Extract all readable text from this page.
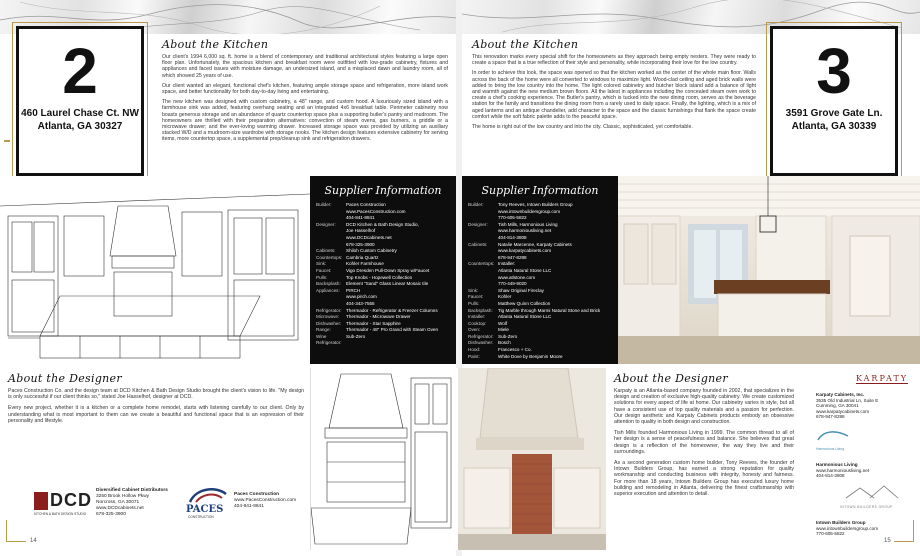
2
460 Laurel Chase Ct. NW
Atlanta, GA 30327
About the Kitchen

Our client's 1994 6,000 sq. ft. home is a blend of contemporary and traditional architectural styles featuring a large open floor plan. Unfortunately, the spacious kitchen and breakfast room were outfitted with low-grade cabinetry, fixtures and appliances and faced issues with moisture damage, an undersized island, and a misplaced dawn and laundry room, all of which showed 25 years of use.

Our client wanted an elegant, functional chef's kitchen, featuring ample storage space and refrigeration, more island work space, and better functionality for both day-to-day living and entertaining.

The new kitchen was designed with custom cabinetry, a 48" range, and custom hood. A luxuriously sized island with a farmhouse sink was added, featuring overhang seating and an integrated 4x6 breakfast table. Perimeter cabinetry now boasts generous storage and an abundance of quartz countertop space plus a supporting butler's pantry and mudroom. The homeowners are thrilled with their preparation alternatives: convection of steam ovens, gas burners, a griddle or a microwave drawer; and the ever-loving warming drawer. Increased storage space was provided by utilizing an auxiliary stacked W/D and a mudroom-size wardrobe with storage nooks. The kitchen design features extensive cabinetry for serving items, more countertop space, a supplemental prep/cleanup sink and refrigeration drawers.

Supplier Information
Builder:	Paces Construction
www.PacesConstruction.com
404-841-8841
Designer:	DCD Kitchen & Bath Design Studio,
Joe Hasselhof
www.DCDcabinets.net
678-325-3900
Cabinets:	Shiloh Custom Cabinetry
Countertops: Cambria Quartz
Sink:	Kohler Farmhouse
Faucet:	Vigo Dresden Pull-Down Spray w/Faucet
Pulls:	Top Knobs - Hopewell Collection
Backsplash:	Element "Sand" Glass Linear Mosaic tile
Appliances:	PIRCH
www.pirch.com
404-343-7555
Refrigerator: Thermador - Refrigerator & Freezer Columns
Microwave:	Thermador - Microwave Drawer
Dishwasher:	Thermador - Star Sapphire
Range:	Thermador - 48" Pro Grand with Steam Oven
Wine Refrigerator:
Sub-Zero
About the Designer

Paces Construction Co. and the design team at DCD Kitchen & Bath Design Studio brought the client's vision to life. "My design is only successful if our client thinks so," stated Joe Hasselhof, designer at DCD.

Every new project, whether it is a kitchen or a complete home remodel, starts with listening carefully to our client. Only by understanding what is most important to them can we create a beautiful and functional space that is an expression of their personality and lifestyle.

DCD
KITCHEN & BATH DESIGN STUDIO
Diversified Cabinet Distributors
3250 Brook Hollow Pkwy
Norcross, GA 30071
www.DCDcabinets.net
678-325-3900	PACES
CONSTRUCTION
Paces Construction
www.PacesConstruction.com
404-841-8841
14
Supplier Information
Builder:	Tony Reeves, Intown Builders Group
www.intownbuildersgroup.com
770-605-5822
Designer:	Tish Mills, Harmonious Living
www.harmoniousliving.net
404-814-3808
Cabinets:	Natalie Marcenne, Karpaty Cabinets
www.karpatycabinets.com
678-947-8288
Countertops: Installer:
Atlanta Natural Stone LLC
www.atlstone.com
770-449-9020
Sink:	Shaw Original Fireclay
Faucet:	Kohler
Pulls:	Matthew Quinn Collection
Backsplash:	Tig Marble through Marmi Natural Stone and Brick
Installer:	Atlanta Natural Stone LLC
Cooktop:	Wolf
Oven:	Miele
Refrigerator: Sub-Zero
Dishwasher:	Bosch
Hood:	Francesco + Co.
Paint:	White Dove by Benjamin Moore
About the Kitchen

This renovation marks every special shift for the homeowners as they approach being empty nesters. They were ready to create a space that is a true reflection of their style and personality, while incorporating their love for the low country.

In order to achieve this look, the space was opened so that the kitchen worked as the center of the whole main floor. Walls across the back of the home were all converted to windows to maximize light. Wood-clad ceiling and aged brick walls were added to bring the low country into the home. The light colored cabinetry and butcher block island add a balance of light and warmth against the new medium brown floors. All the latest in appliances including the concealed steam oven work to create a chef's cooking experience. The Butler's pantry, which is tucked into the new dining room, serves as the beverage station for the family and transitions the dining room from a rarely used to daily space. Finally, the lighting, which is a mix of aged lanterns and an antique chandelier, add character to the space and the classic furnishings that flank the space create comfort while the soft fabric palette adds to the peaceful space.

The home is right out of the low country and into the city. Classic, sophisticated, yet comfortable.

3
3591 Grove Gate Ln.
Atlanta, GA 30339
About the Designer

Karpaty is an Atlanta-based company founded in 2002, that specializes in the design and creation of exclusive high-quality cabinetry. We create customized solutions for every aspect of life at home. Our cabinetry varies in style, but all have a consistent use of top quality materials and a passion for perfection. Our design aesthetic and Karpaty Cabinets products embody an obsessive attention to quality in both design and construction.

Tish Mills founded Harmonious Living in 1999. The common thread to all of her design is a sense of peacefulness and balance. She believes that great design is a reflection of the homeowner, the way they live and their surroundings.

As a second generation custom home builder, Tony Reeves, the founder of Intown Builders Group, has earned a strong reputation for quality workmanship and conducting business with integrity, honesty and fairness. For more than 18 years, Intown Builders Group has executed luxury home building and remodeling in Atlanta, delivering the finest craftsmanship with superior execution and attention to detail.

KARPATY
Karpaty Cabinets, Inc.
3535 Old Industrial Ln, Suite E
Cumming, GA 30041
www.karpatycabinets.com
678-947-8288
Harmonious Living
Harmonious Living
www.harmoniousliving.net
404-814-3808
INTOWN BUILDERS GROUP
Intown Builders Group
www.intownbuildersgroup.com
770-605-5822
15
